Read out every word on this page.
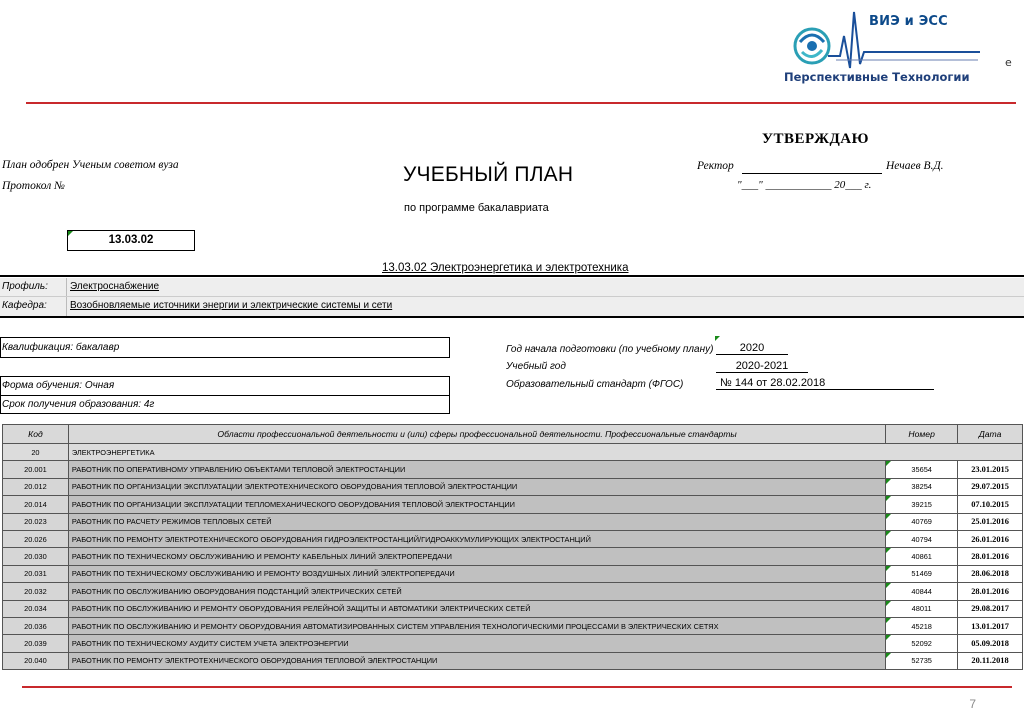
ВИЭ и ЭСС
Перспективные Технологии
е
УТВЕРЖДАЮ
План одобрен Ученым советом вуза
Протокол №	УЧЕБНЫЙ ПЛАН
по программе бакалавриата
Ректор	Нечаев В.Д.
"___" ____________ 20___ г.
13.03.02
13.03.02 Электроэнергетика и электротехника
Профиль: Электроснабжение
Кафедра: Возобновляемые источники энергии и электрические системы и сети
Квалификация: бакалавр
Форма обучения: Очная
Срок получения образования: 4г
Год начала подготовки (по учебному плану)	2020
Учебный год	2020-2021
Образовательный стандарт (ФГОС)	№ 144 от 28.02.2018
Код	Области профессиональной деятельности и (или) сферы профессиональной деятельности. Профессиональные стандарты	Номер	Дата
20	ЭЛЕКТРОЭНЕРГЕТИКА		
20.001	РАБОТНИК ПО ОПЕРАТИВНОМУ УПРАВЛЕНИЮ ОБЪЕКТАМИ ТЕПЛОВОЙ ЭЛЕКТРОСТАНЦИИ	35654	23.01.2015
20.012	РАБОТНИК ПО ОРГАНИЗАЦИИ ЭКСПЛУАТАЦИИ ЭЛЕКТРОТЕХНИЧЕСКОГО ОБОРУДОВАНИЯ ТЕПЛОВОЙ ЭЛЕКТРОСТАНЦИИ	38254	29.07.2015
20.014	РАБОТНИК ПО ОРГАНИЗАЦИИ ЭКСПЛУАТАЦИИ ТЕПЛОМЕХАНИЧЕСКОГО ОБОРУДОВАНИЯ ТЕПЛОВОЙ ЭЛЕКТРОСТАНЦИИ	39215	07.10.2015
20.023	РАБОТНИК ПО РАСЧЕТУ РЕЖИМОВ ТЕПЛОВЫХ СЕТЕЙ	40769	25.01.2016
20.026	РАБОТНИК ПО РЕМОНТУ ЭЛЕКТРОТЕХНИЧЕСКОГО ОБОРУДОВАНИЯ ГИДРОЭЛЕКТРОСТАНЦИЙ/ГИДРОАККУМУЛИРУЮЩИХ ЭЛЕКТРОСТАНЦИЙ	40794	26.01.2016
20.030	РАБОТНИК ПО ТЕХНИЧЕСКОМУ ОБСЛУЖИВАНИЮ И РЕМОНТУ КАБЕЛЬНЫХ ЛИНИЙ ЭЛЕКТРОПЕРЕДАЧИ	40861	28.01.2016
20.031	РАБОТНИК ПО ТЕХНИЧЕСКОМУ ОБСЛУЖИВАНИЮ И РЕМОНТУ ВОЗДУШНЫХ ЛИНИЙ ЭЛЕКТРОПЕРЕДАЧИ	51469	28.06.2018
20.032	РАБОТНИК ПО ОБСЛУЖИВАНИЮ ОБОРУДОВАНИЯ ПОДСТАНЦИЙ ЭЛЕКТРИЧЕСКИХ СЕТЕЙ	40844	28.01.2016
20.034	РАБОТНИК ПО ОБСЛУЖИВАНИЮ И РЕМОНТУ ОБОРУДОВАНИЯ РЕЛЕЙНОЙ ЗАЩИТЫ И АВТОМАТИКИ ЭЛЕКТРИЧЕСКИХ СЕТЕЙ	48011	29.08.2017
20.036	РАБОТНИК ПО ОБСЛУЖИВАНИЮ И РЕМОНТУ ОБОРУДОВАНИЯ АВТОМАТИЗИРОВАННЫХ СИСТЕМ УПРАВЛЕНИЯ ТЕХНОЛОГИЧЕСКИМИ ПРОЦЕССАМИ В ЭЛЕКТРИЧЕСКИХ СЕТЯХ	45218	13.01.2017
20.039	РАБОТНИК ПО ТЕХНИЧЕСКОМУ АУДИТУ СИСТЕМ УЧЕТА ЭЛЕКТРОЭНЕРГИИ	52092	05.09.2018
20.040	РАБОТНИК ПО РЕМОНТУ ЭЛЕКТРОТЕХНИЧЕСКОГО ОБОРУДОВАНИЯ ТЕПЛОВОЙ ЭЛЕКТРОСТАНЦИИ	52735	20.11.2018
7
